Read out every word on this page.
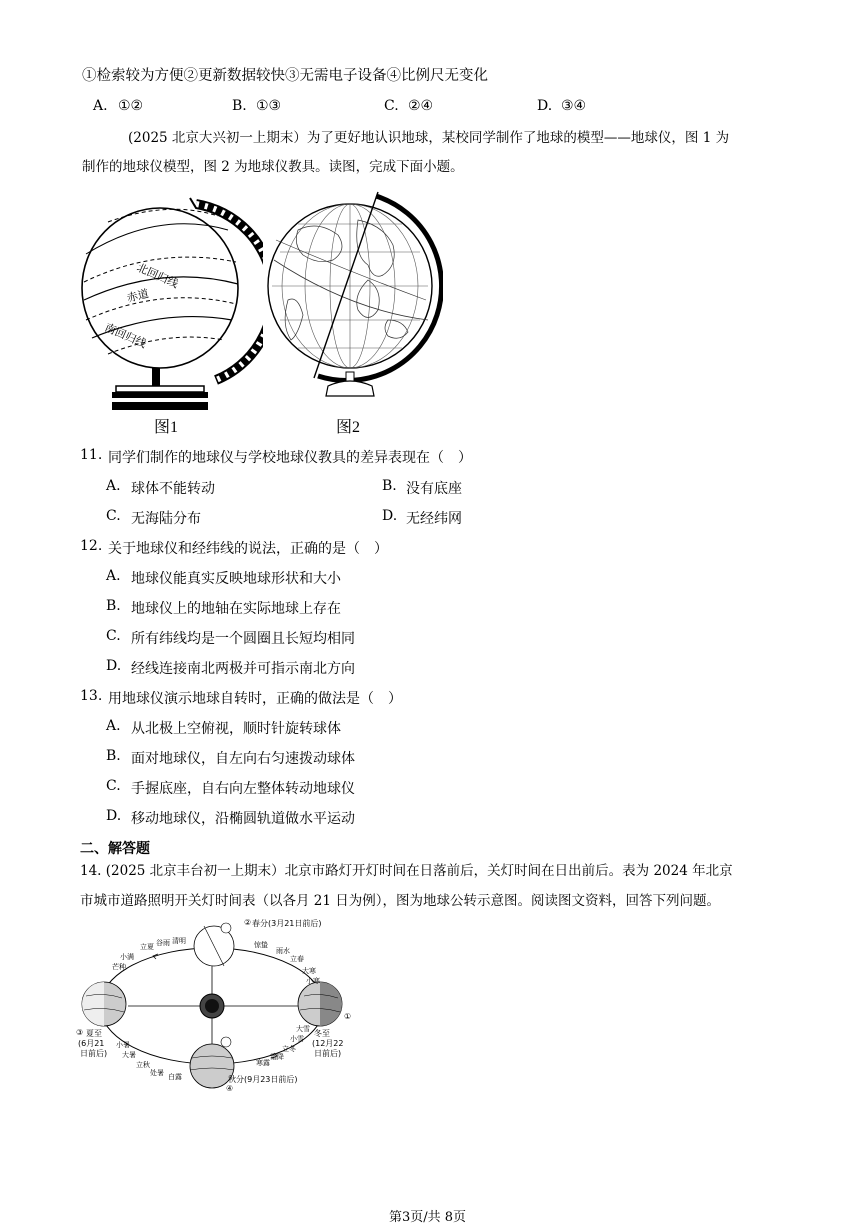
①检索较为方便②更新数据较快③无需电子设备④比例尺无变化
A. ①②	B. ①③	C. ②④	D. ③④
(2025 北京大兴初一上期末）为了更好地认识地球，某校同学制作了地球的模型——地球仪，图 1 为
制作的地球仪模型，图 2 为地球仪教具。读图，完成下面小题。
北回归线
赤道
南回归线
图1	图2
11. 同学们制作的地球仪与学校地球仪教具的差异表现在（　）
A. 球体不能转动	B. 没有底座
C. 无海陆分布	D. 无经纬网
12. 关于地球仪和经纬线的说法，正确的是（　）
A. 地球仪能真实反映地球形状和大小
B. 地球仪上的地轴在实际地球上存在
C. 所有纬线均是一个圆圈且长短均相同
D. 经线连接南北两极并可指示南北方向
13. 用地球仪演示地球自转时，正确的做法是（　）
A. 从北极上空俯视，顺时针旋转球体
B. 面对地球仪，自左向右匀速拨动球体
C. 手握底座，自右向左整体转动地球仪
D. 移动地球仪，沿椭圆轨道做水平运动
二、解答题
14. (2025 北京丰台初一上期末）北京市路灯开灯时间在日落前后，关灯时间在日出前后。表为 2024 年北京
市城市道路照明开关灯时间表（以各月 21 日为例），图为地球公转示意图。阅读图文资料，回答下列问题。
② 春分(3月21日前后)
①
冬至
(12月22
日前后)
秋分(9月23日前后)
④
③ 夏至
(6月21
日前后)
立夏 谷雨 清明
小满
芒种
惊蛰
雨水
立春
大寒
小暑
大暑
立秋
处暑 白露
寒露
霜降
立冬
小雪
大雪
小寒
第3页/共 8页
